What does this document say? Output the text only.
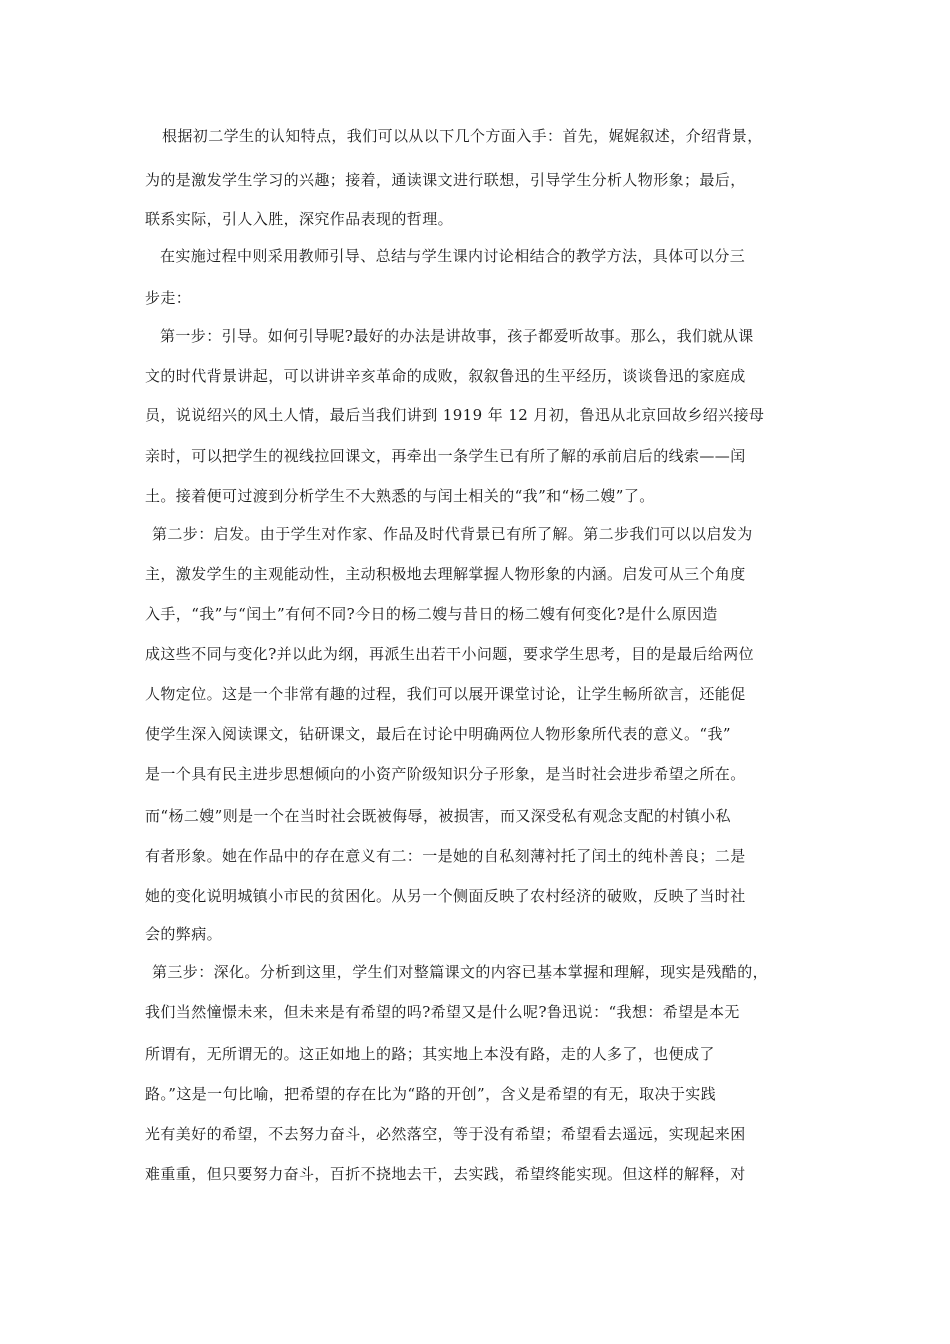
根据初二学生的认知特点，我们可以从以下几个方面入手：首先，娓娓叙述，介绍背景，
为的是激发学生学习的兴趣；接着，通读课文进行联想，引导学生分析人物形象；最后，
联系实际，引人入胜，深究作品表现的哲理。
在实施过程中则采用教师引导、总结与学生课内讨论相结合的教学方法，具体可以分三
步走：
第一步：引导。如何引导呢?最好的办法是讲故事，孩子都爱听故事。那么，我们就从课
文的时代背景讲起，可以讲讲辛亥革命的成败，叙叙鲁迅的生平经历，谈谈鲁迅的家庭成
员，说说绍兴的风土人情，最后当我们讲到 1919 年 12 月初，鲁迅从北京回故乡绍兴接母
亲时，可以把学生的视线拉回课文，再牵出一条学生已有所了解的承前启后的线索——闰
土。接着便可过渡到分析学生不大熟悉的与闰土相关的“我”和“杨二嫂”了。
第二步：启发。由于学生对作家、作品及时代背景已有所了解。第二步我们可以以启发为
主，激发学生的主观能动性，主动积极地去理解掌握人物形象的内涵。启发可从三个角度
入手，“我”与“闰土”有何不同?今日的杨二嫂与昔日的杨二嫂有何变化?是什么原因造
成这些不同与变化?并以此为纲，再派生出若干小问题，要求学生思考，目的是最后给两位
人物定位。这是一个非常有趣的过程，我们可以展开课堂讨论，让学生畅所欲言，还能促
使学生深入阅读课文，钻研课文，最后在讨论中明确两位人物形象所代表的意义。“我”
是一个具有民主进步思想倾向的小资产阶级知识分子形象，是当时社会进步希望之所在。
而“杨二嫂”则是一个在当时社会既被侮辱，被损害，而又深受私有观念支配的村镇小私
有者形象。她在作品中的存在意义有二：一是她的自私刻薄衬托了闰土的纯朴善良；二是
她的变化说明城镇小市民的贫困化。从另一个侧面反映了农村经济的破败，反映了当时社
会的弊病。
第三步：深化。分析到这里，学生们对整篇课文的内容已基本掌握和理解，现实是残酷的，
我们当然憧憬未来，但未来是有希望的吗?希望又是什么呢?鲁迅说：“我想：希望是本无
所谓有，无所谓无的。这正如地上的路；其实地上本没有路，走的人多了，也便成了
路。”这是一句比喻，把希望的存在比为“路的开创”，含义是希望的有无，取决于实践
光有美好的希望，不去努力奋斗，必然落空，等于没有希望；希望看去遥远，实现起来困
难重重，但只要努力奋斗，百折不挠地去干，去实践，希望终能实现。但这样的解释，对
